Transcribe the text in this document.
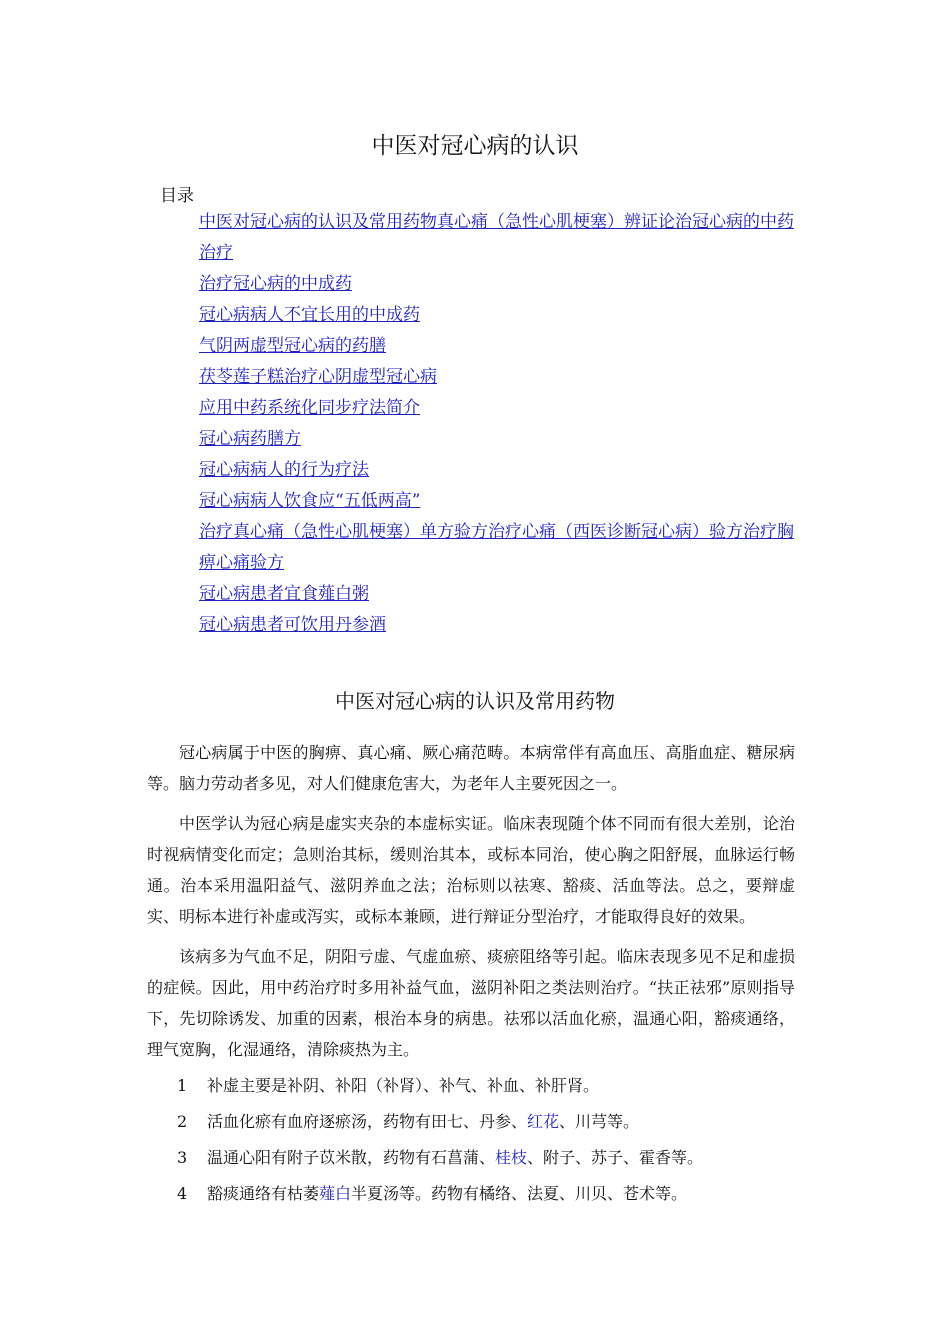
中医对冠心病的认识
目录
中医对冠心病的认识及常用药物真心痛（急性心肌梗塞）辨证论治冠心病的中药治疗
治疗冠心病的中成药
冠心病病人不宜长用的中成药
气阴两虚型冠心病的药膳
茯苓莲子糕治疗心阴虚型冠心病
应用中药系统化同步疗法简介
冠心病药膳方
冠心病病人的行为疗法
冠心病病人饮食应“五低两高”
治疗真心痛（急性心肌梗塞）单方验方治疗心痛（西医诊断冠心病）验方治疗胸痹心痛验方
冠心病患者宜食薤白粥
冠心病患者可饮用丹参酒
中医对冠心病的认识及常用药物

冠心病属于中医的胸痹、真心痛、厥心痛范畴。本病常伴有高血压、高脂血症、糖尿病等。脑力劳动者多见，对人们健康危害大，为老年人主要死因之一。

中医学认为冠心病是虚实夹杂的本虚标实证。临床表现随个体不同而有很大差别，论治时视病情变化而定；急则治其标，缓则治其本，或标本同治，使心胸之阳舒展，血脉运行畅通。治本采用温阳益气、滋阴养血之法；治标则以祛寒、豁痰、活血等法。总之，要辩虚实、明标本进行补虚或泻实，或标本兼顾，进行辩证分型治疗，才能取得良好的效果。

该病多为气血不足，阴阳亏虚、气虚血瘀、痰瘀阻络等引起。临床表现多见不足和虚损的症候。因此，用中药治疗时多用补益气血，滋阴补阳之类法则治疗。“扶正祛邪”原则指导下，先切除诱发、加重的因素，根治本身的病患。祛邪以活血化瘀，温通心阳，豁痰通络，理气宽胸，化湿通络，清除痰热为主。

1 补虚主要是补阴、补阳（补肾）、补气、补血、补肝肾。
2 活血化瘀有血府逐瘀汤，药物有田七、丹参、红花、川芎等。
3 温通心阳有附子苡米散，药物有石菖蒲、桂枝、附子、苏子、霍香等。
4 豁痰通络有枯萎薤白半夏汤等。药物有橘络、法夏、川贝、苍术等。
